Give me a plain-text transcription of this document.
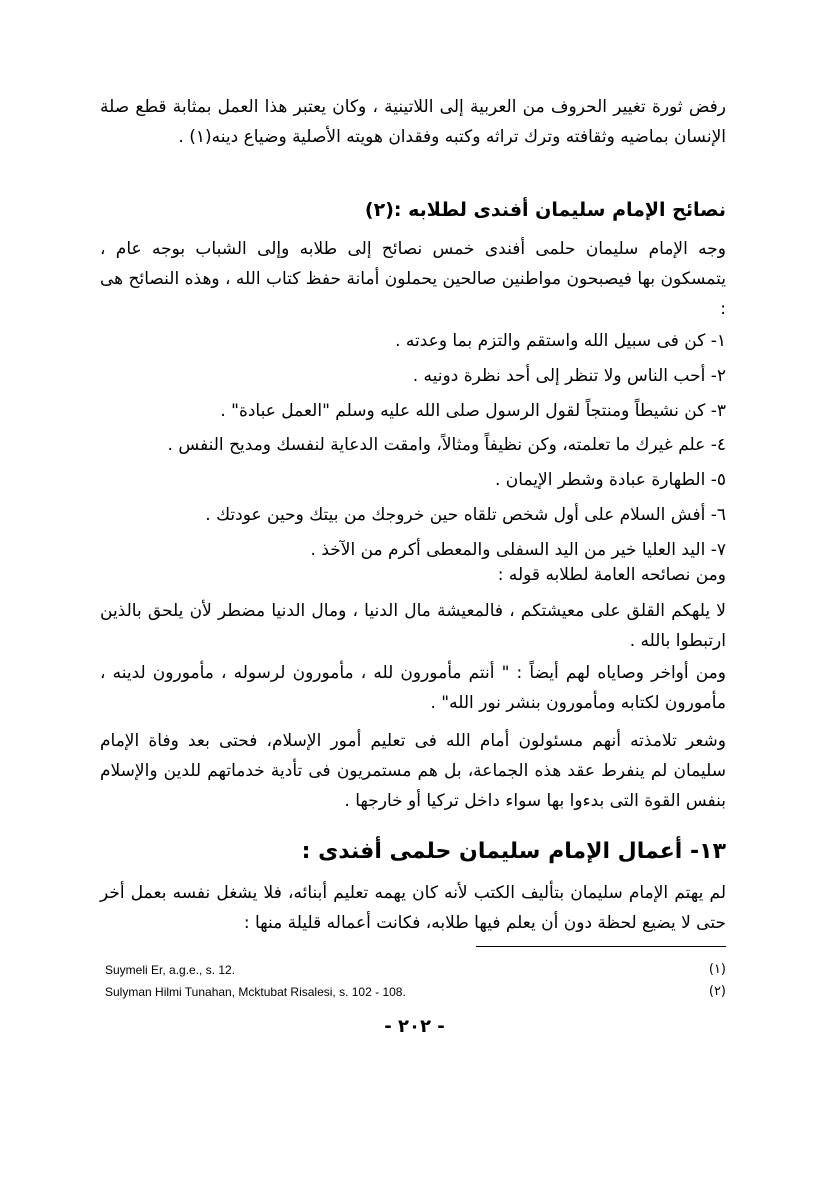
رفض ثورة تغيير الحروف من العربية إلى اللاتينية ، وكان يعتبر هذا العمل بمثابة قطع صلة الإنسان بماضيه وثقافته وترك تراثه وكتبه وفقدان هويته الأصلية وضياع دينه(١) .

نصائح الإمام سليمان أفندى لطلابه :(٢)

وجه الإمام سليمان حلمى أفندى خمس نصائح إلى طلابه وإلى الشباب بوجه عام ، يتمسكون بها فيصبحون مواطنين صالحين يحملون أمانة حفظ كتاب الله ، وهذه النصائح هى :

١- كن فى سبيل الله واستقم والتزم بما وعدته .
٢- أحب الناس ولا تنظر إلى أحد نظرة دونيه .
٣- كن نشيطاً ومنتجاً لقول الرسول صلى الله عليه وسلم "العمل عبادة" .
٤- علم غيرك ما تعلمته، وكن نظيفاً ومثالاً، وامقت الدعاية لنفسك ومديح النفس .
٥- الطهارة عبادة وشطر الإيمان .
٦- أفش السلام على أول شخص تلقاه حين خروجك من بيتك وحين عودتك .
٧- اليد العليا خير من اليد السفلى والمعطى أكرم من الآخذ .

ومن نصائحه العامة لطلابه قوله :

لا يلهكم القلق على معيشتكم ، فالمعيشة مال الدنيا ، ومال الدنيا مضطر لأن يلحق بالذين ارتبطوا بالله .

ومن أواخر وصاياه لهم أيضاً : " أنتم مأمورون لله ، مأمورون لرسوله ، مأمورون لدينه ، مأمورون لكتابه ومأمورون بنشر نور الله" .

وشعر تلامذته أنهم مسئولون أمام الله فى تعليم أمور الإسلام، فحتى بعد وفاة الإمام سليمان لم ينفرط عقد هذه الجماعة، بل هم مستمريون فى تأدية خدماتهم للدين والإسلام بنفس القوة التى بدءوا بها سواء داخل تركيا أو خارجها .

١٣- أعمال الإمام سليمان حلمى أفندى :

لم يهتم الإمام سليمان بتأليف الكتب لأنه كان يهمه تعليم أبنائه، فلا يشغل نفسه بعمل أخر حتى لا يضيع لحظة دون أن يعلم فيها طلابه، فكانت أعماله قليلة منها :

Suymeli Er, a.g.e., s. 12.	(١)
Sulyman Hilmi Tunahan, Mcktubat Risalesi, s. 102 - 108.	(٢)
- ٢٠٢ -
